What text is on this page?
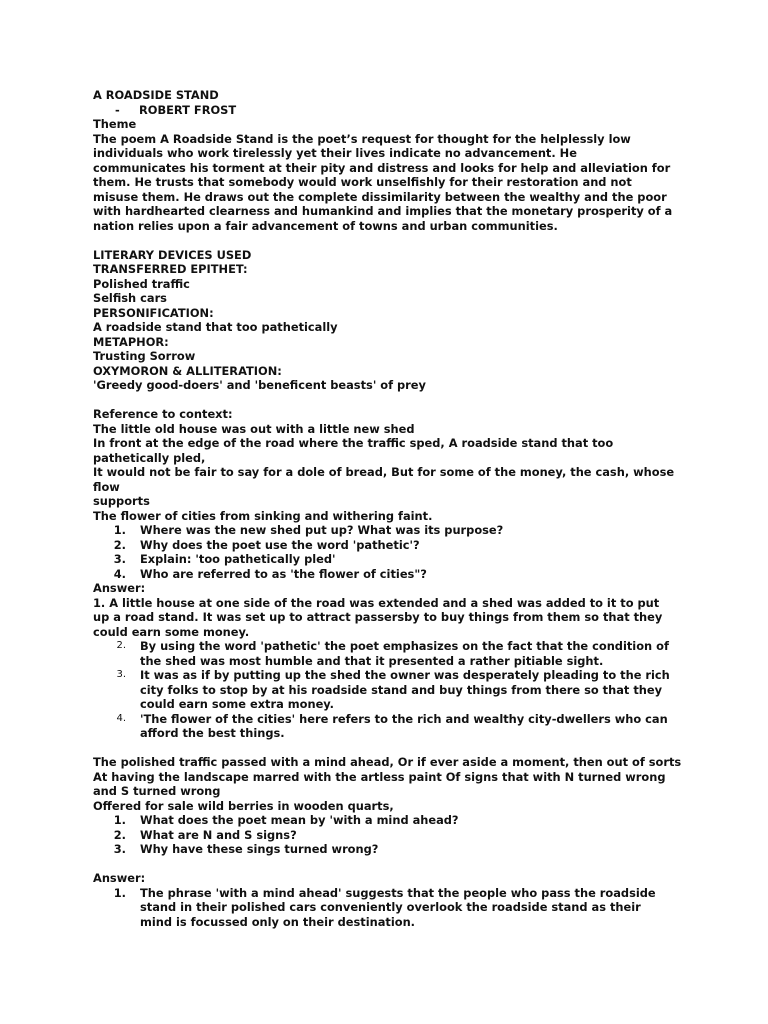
A ROADSIDE STAND
- ROBERT FROST
Theme

The poem A Roadside Stand is the poet’s request for thought for the helplessly low individuals who work tirelessly yet their lives indicate no advancement. He communicates his torment at their pity and distress and looks for help and alleviation for them. He trusts that somebody would work unselfishly for their restoration and not misuse them. He draws out the complete dissimilarity between the wealthy and the poor with hardhearted clearness and humankind and implies that the monetary prosperity of a nation relies upon a fair advancement of towns and urban communities.

LITERARY DEVICES USED
TRANSFERRED EPITHET:
Polished traffic
Selfish cars
PERSONIFICATION:
A roadside stand that too pathetically
METAPHOR:
Trusting Sorrow
OXYMORON & ALLITERATION:
'Greedy good-doers' and 'beneficent beasts' of prey
Reference to context:
The little old house was out with a little new shed
In front at the edge of the road where the traffic sped, A roadside stand that too
pathetically pled,
It would not be fair to say for a dole of bread, But for some of the money, the cash, whose
flow
supports
The flower of cities from sinking and withering faint.
1.	Where was the new shed put up? What was its purpose?
2.	Why does the poet use the word 'pathetic'?
3.	Explain: 'too pathetically pled'
4.	Who are referred to as 'the flower of cities"?
Answer:

1. A little house at one side of the road was extended and a shed was added to it to put up a road stand. It was set up to attract passersby to buy things from them so that they could earn some money.

2.	By using the word 'pathetic' the poet emphasizes on the fact that the condition of the shed was most humble and that it presented a rather pitiable sight.
3.	It was as if by putting up the shed the owner was desperately pleading to the rich city folks to stop by at his roadside stand and buy things from there so that they could earn some extra money.
4.	'The flower of the cities' here refers to the rich and wealthy city-dwellers who can afford the best things.
The polished traffic passed with a mind ahead, Or if ever aside a moment, then out of sorts
At having the landscape marred with the artless paint Of signs that with N turned wrong
and S turned wrong
Offered for sale wild berries in wooden quarts,
1.	What does the poet mean by 'with a mind ahead?
2.	What are N and S signs?
3.	Why have these sings turned wrong?
Answer:
1.	The phrase 'with a mind ahead' suggests that the people who pass the roadside stand in their polished cars conveniently overlook the roadside stand as their mind is focussed only on their destination.
